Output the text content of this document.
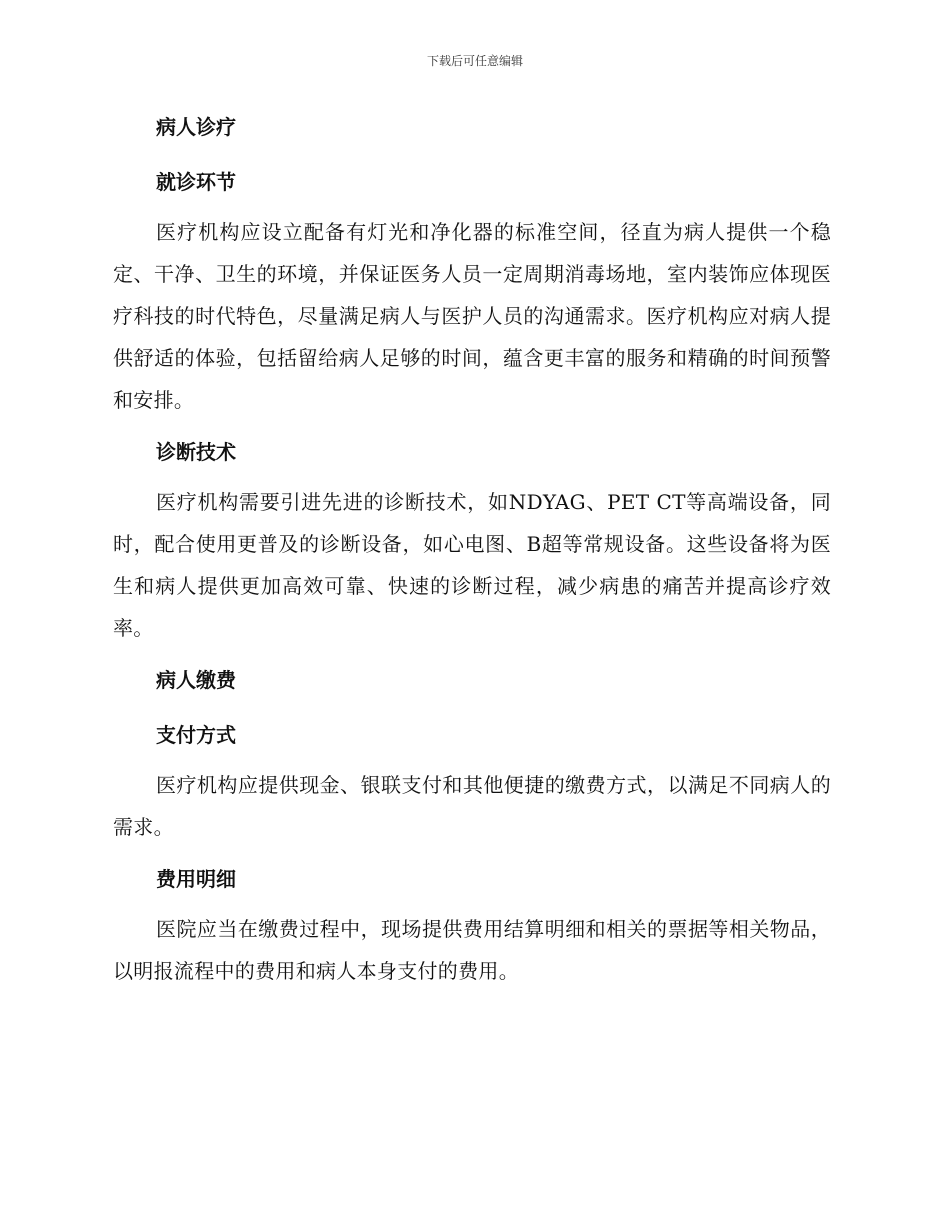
下载后可任意编辑
病人诊疗
就诊环节

医疗机构应设立配备有灯光和净化器的标准空间，径直为病人提供一个稳定、干净、卫生的环境，并保证医务人员一定周期消毒场地，室内装饰应体现医疗科技的时代特色，尽量满足病人与医护人员的沟通需求。医疗机构应对病人提供舒适的体验，包括留给病人足够的时间，蕴含更丰富的服务和精确的时间预警和安排。

诊断技术

医疗机构需要引进先进的诊断技术，如NDYAG、PET CT等高端设备，同时，配合使用更普及的诊断设备，如心电图、B超等常规设备。这些设备将为医生和病人提供更加高效可靠、快速的诊断过程，减少病患的痛苦并提高诊疗效率。

病人缴费
支付方式

医疗机构应提供现金、银联支付和其他便捷的缴费方式，以满足不同病人的需求。

费用明细

医院应当在缴费过程中，现场提供费用结算明细和相关的票据等相关物品，以明报流程中的费用和病人本身支付的费用。
